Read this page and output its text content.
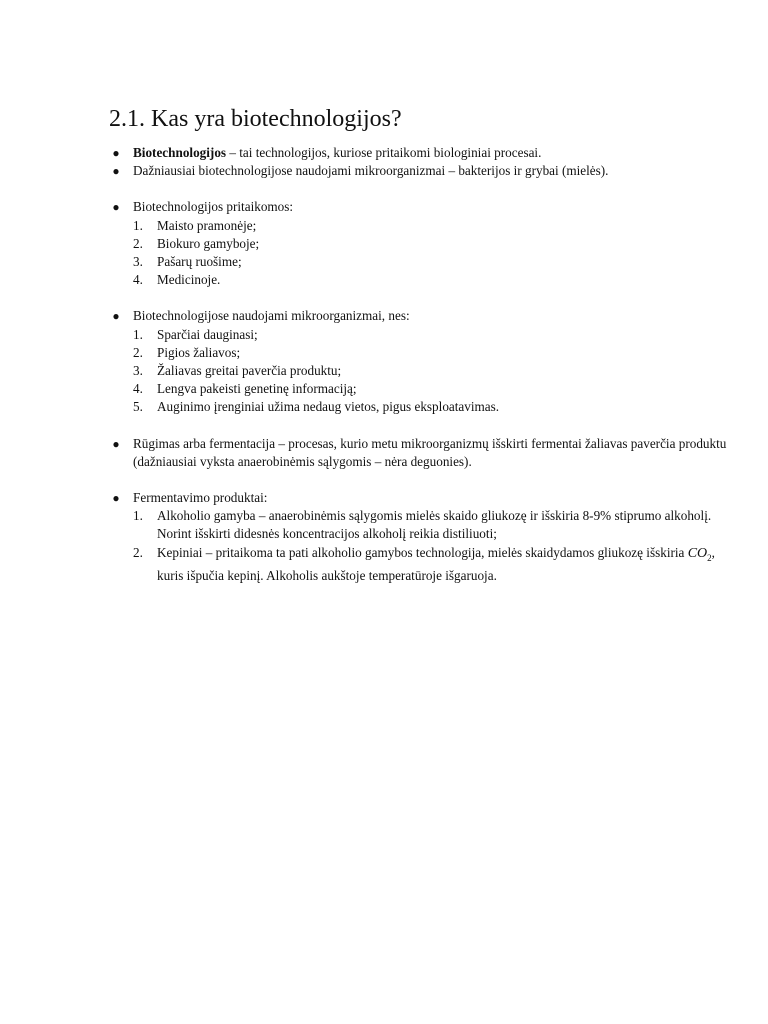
2.1. Kas yra biotechnologijos?
● Biotechnologijos – tai technologijos, kuriose pritaikomi biologiniai procesai.
● Dažniausiai biotechnologijose naudojami mikroorganizmai – bakterijos ir grybai (mielės).
● Biotechnologijos pritaikomos:
1. Maisto pramonėje;
2. Biokuro gamyboje;
3. Pašarų ruošime;
4. Medicinoje.
● Biotechnologijose naudojami mikroorganizmai, nes:
1. Sparčiai dauginasi;
2. Pigios žaliavos;
3. Žaliavas greitai paverčia produktu;
4. Lengva pakeisti genetinę informaciją;
5. Auginimo įrenginiai užima nedaug vietos, pigus eksploatavimas.
● Rūgimas arba fermentacija – procesas, kurio metu mikroorganizmų išskirti fermentai žaliavas paverčia produktu (dažniausiai vyksta anaerobinėmis sąlygomis – nėra deguonies).
● Fermentavimo produktai:
1. Alkoholio gamyba – anaerobinėmis sąlygomis mielės skaido gliukozę ir išskiria 8-9% stiprumo alkoholį. Norint išskirti didesnės koncentracijos alkoholį reikia distiliuoti;
2. Kepiniai – pritaikoma ta pati alkoholio gamybos technologija, mielės skaidydamos gliukozę išskiria $CO_2$, kuris išpučia kepinį. Alkoholis aukštoje temperatūroje išgaruoja.
